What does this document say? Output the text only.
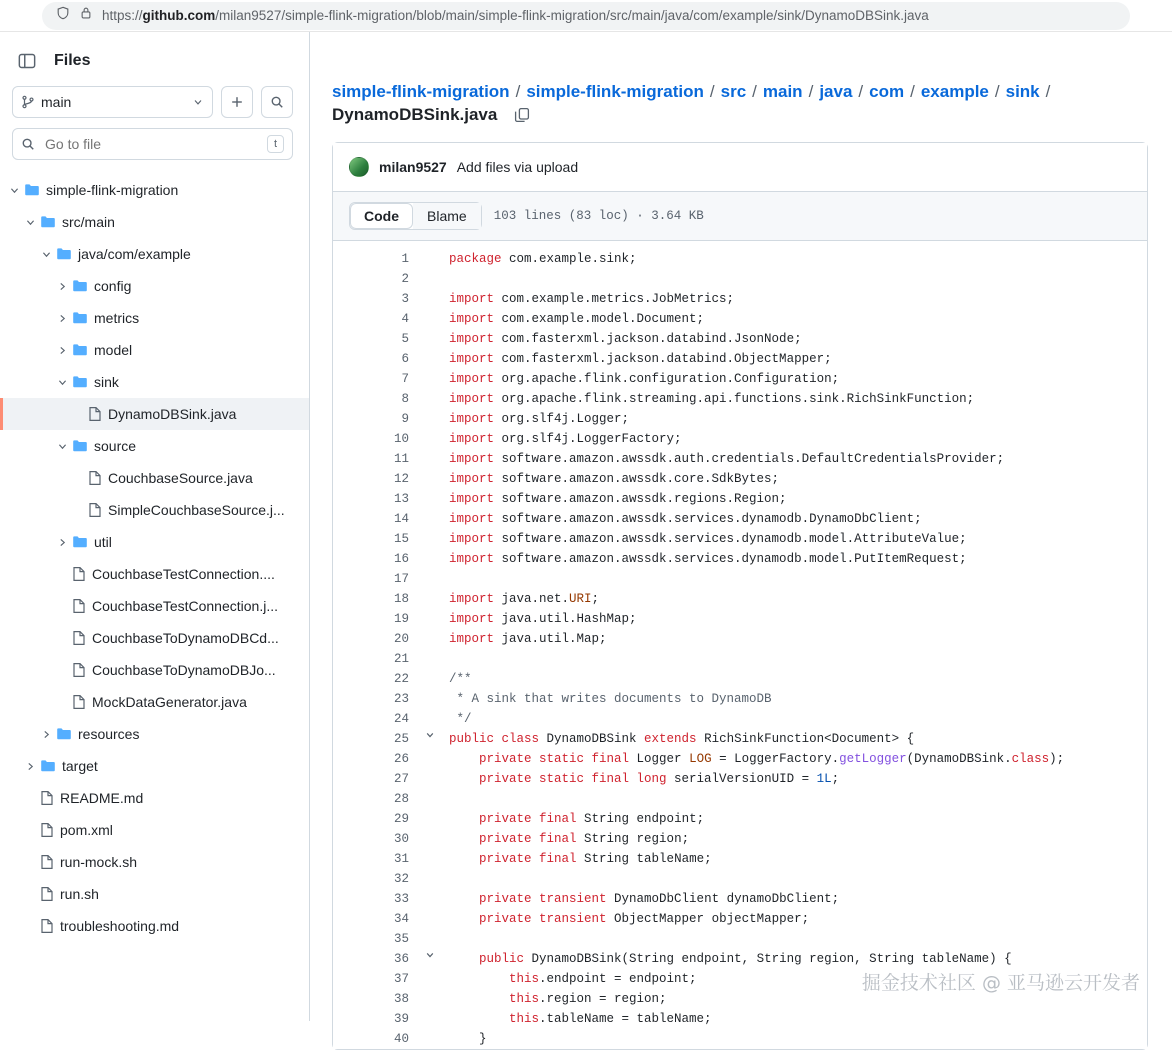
https://github.com/milan9527/simple-flink-migration/blob/main/simple-flink-migration/src/main/java/com/example/sink/DynamoDBSink.java
Files
main
Go to file
t
simple-flink-migration
src/main
java/com/example
config
metrics
model
sink
DynamoDBSink.java
source
CouchbaseSource.java
SimpleCouchbaseSource.j...
util
CouchbaseTestConnection....
CouchbaseTestConnection.j...
CouchbaseToDynamoDBCd...
CouchbaseToDynamoDBJo...
MockDataGenerator.java
resources
target
README.md
pom.xml
run-mock.sh
run.sh
troubleshooting.md
simple-flink-migration / simple-flink-migration / src / main / java / com / example / sink /
DynamoDBSink.java
milan9527 Add files via upload
Code	Blame	103 lines (83 loc) · 3.64 KB
1
2
3
4
5
6
7
8
9
10
11
12
13
14
15
16
17
18
19
20
21
22
23
24
25
26
27
28
29
30
31
32
33
34
35
36
37
38
39
40
package com.example.sink;

import com.example.metrics.JobMetrics;
import com.example.model.Document;
import com.fasterxml.jackson.databind.JsonNode;
import com.fasterxml.jackson.databind.ObjectMapper;
import org.apache.flink.configuration.Configuration;
import org.apache.flink.streaming.api.functions.sink.RichSinkFunction;
import org.slf4j.Logger;
import org.slf4j.LoggerFactory;
import software.amazon.awssdk.auth.credentials.DefaultCredentialsProvider;
import software.amazon.awssdk.core.SdkBytes;
import software.amazon.awssdk.regions.Region;
import software.amazon.awssdk.services.dynamodb.DynamoDbClient;
import software.amazon.awssdk.services.dynamodb.model.AttributeValue;
import software.amazon.awssdk.services.dynamodb.model.PutItemRequest;

import java.net.URI;
import java.util.HashMap;
import java.util.Map;

/**
* A sink that writes documents to DynamoDB
*/
public class DynamoDBSink extends RichSinkFunction<Document> {
private static final Logger LOG = LoggerFactory.getLogger(DynamoDBSink.class);
private static final long serialVersionUID = 1L;

private final String endpoint;
private final String region;
private final String tableName;

private transient DynamoDbClient dynamoDbClient;
private transient ObjectMapper objectMapper;

public DynamoDBSink(String endpoint, String region, String tableName) {
this.endpoint = endpoint;
this.region = region;
this.tableName = tableName;
}
掘金技术社区 @ 亚马逊云开发者
